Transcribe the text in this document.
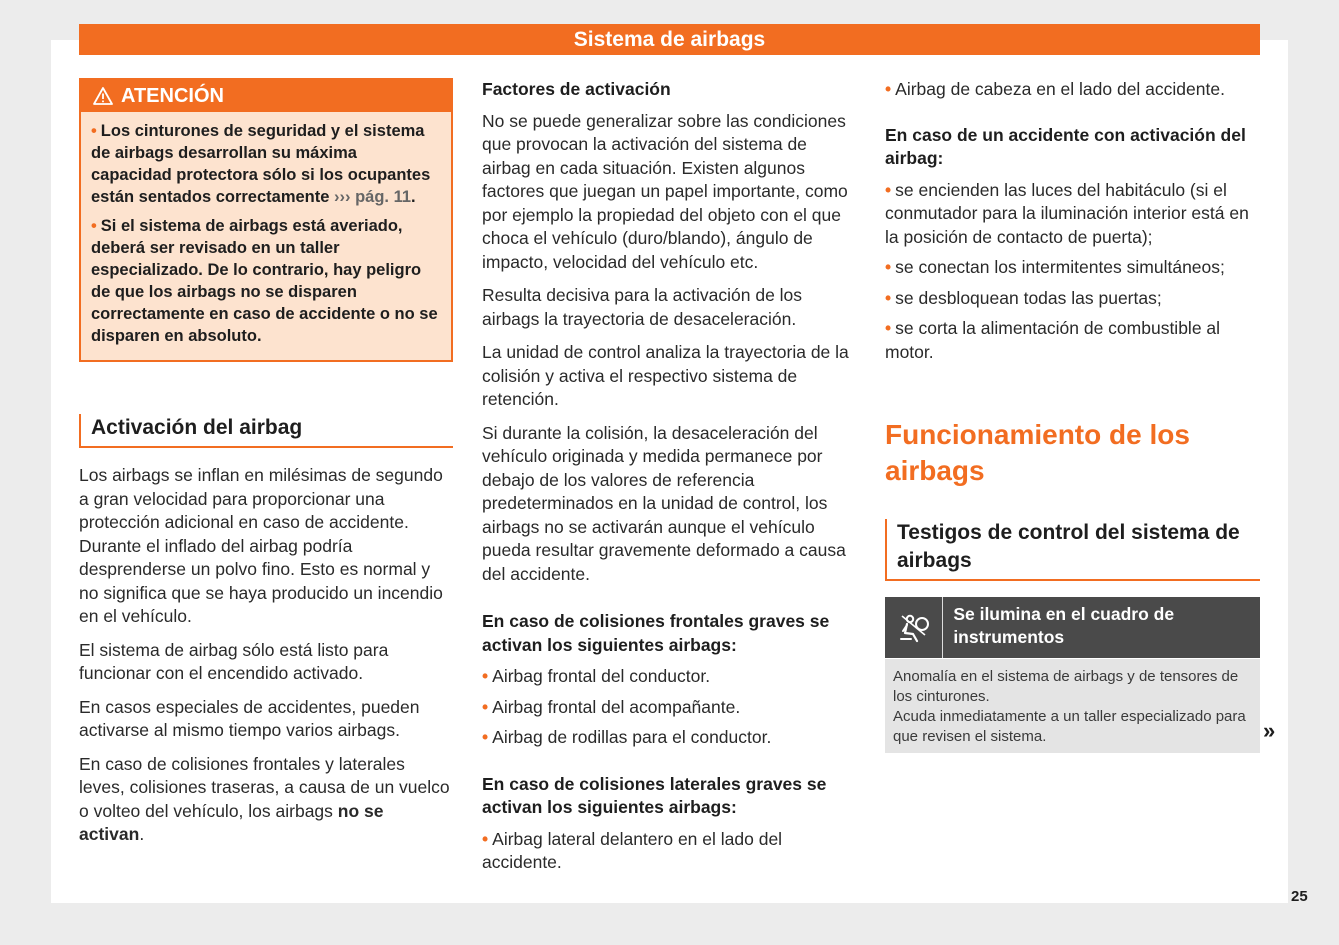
Sistema de airbags
ATENCIÓN

• Los cinturones de seguridad y el sistema de airbags desarrollan su máxima capacidad protectora sólo si los ocupantes están sentados correctamente ››› pág. 11.

• Si el sistema de airbags está averiado, deberá ser revisado en un taller especializado. De lo contrario, hay peligro de que los airbags no se disparen correctamente en caso de accidente o no se disparen en absoluto.

Activación del airbag

Los airbags se inflan en milésimas de segundo a gran velocidad para proporcionar una protección adicional en caso de accidente. Durante el inflado del airbag podría desprenderse un polvo fino. Esto es normal y no significa que se haya producido un incendio en el vehículo.

El sistema de airbag sólo está listo para funcionar con el encendido activado.

En casos especiales de accidentes, pueden activarse al mismo tiempo varios airbags.

En caso de colisiones frontales y laterales leves, colisiones traseras, a causa de un vuelco o volteo del vehículo, los airbags no se activan.

Factores de activación

No se puede generalizar sobre las condiciones que provocan la activación del sistema de airbag en cada situación. Existen algunos factores que juegan un papel importante, como por ejemplo la propiedad del objeto con el que choca el vehículo (duro/blando), ángulo de impacto, velocidad del vehículo etc.

Resulta decisiva para la activación de los airbags la trayectoria de desaceleración.

La unidad de control analiza la trayectoria de la colisión y activa el respectivo sistema de retención.

Si durante la colisión, la desaceleración del vehículo originada y medida permanece por debajo de los valores de referencia predeterminados en la unidad de control, los airbags no se activarán aunque el vehículo pueda resultar gravemente deformado a causa del accidente.

En caso de colisiones frontales graves se activan los siguientes airbags:

• Airbag frontal del conductor.

• Airbag frontal del acompañante.

• Airbag de rodillas para el conductor.

En caso de colisiones laterales graves se activan los siguientes airbags:

• Airbag lateral delantero en el lado del accidente.

• Airbag de cabeza en el lado del accidente.

En caso de un accidente con activación del airbag:

• se encienden las luces del habitáculo (si el conmutador para la iluminación interior está en la posición de contacto de puerta);

• se conectan los intermitentes simultáneos;

• se desbloquean todas las puertas;

• se corta la alimentación de combustible al motor.

Funcionamiento de los airbags
Testigos de control del sistema de airbags
Se ilumina en el cuadro de instrumentos
Anomalía en el sistema de airbags y de tensores de los cinturones.
Acuda inmediatamente a un taller especializado para que revisen el sistema.	»
25
